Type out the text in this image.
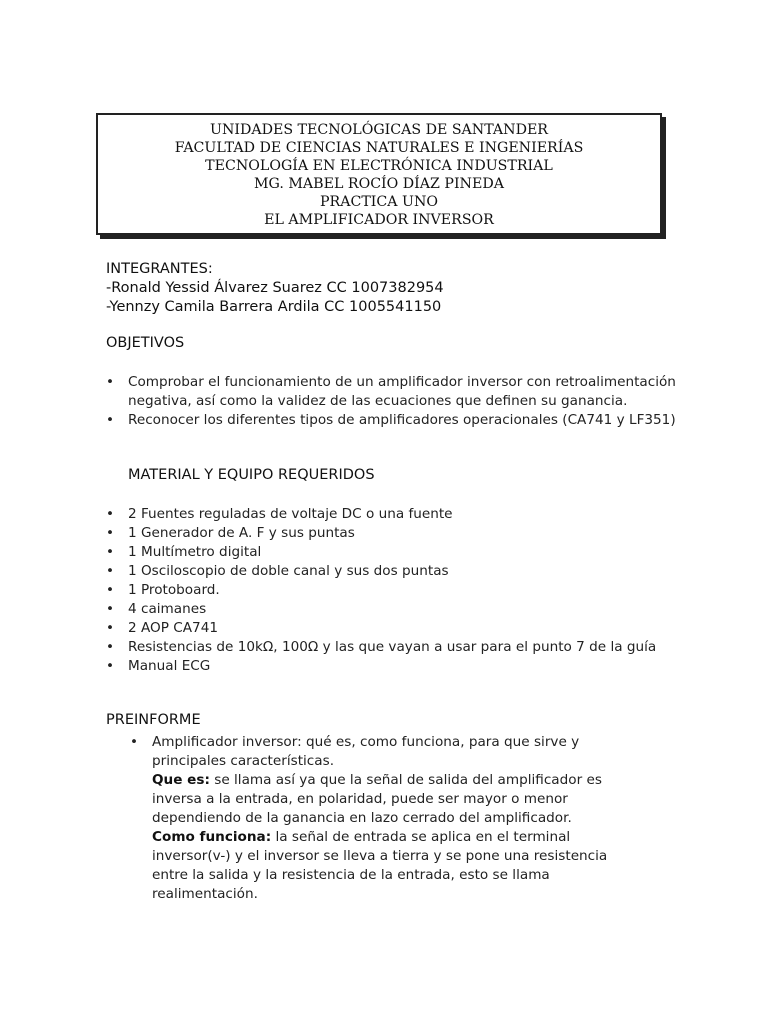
UNIDADES TECNOLÓGICAS DE SANTANDER
FACULTAD DE CIENCIAS NATURALES E INGENIERÍAS
TECNOLOGÍA EN ELECTRÓNICA INDUSTRIAL
MG. MABEL ROCÍO DÍAZ PINEDA
PRACTICA UNO
EL AMPLIFICADOR INVERSOR
INTEGRANTES:
-Ronald Yessid Álvarez Suarez CC 1007382954
-Yennzy Camila Barrera Ardila CC 1005541150
OBJETIVOS
• Comprobar el funcionamiento de un amplificador inversor con retroalimentación negativa, así como la validez de las ecuaciones que definen su ganancia.
• Reconocer los diferentes tipos de amplificadores operacionales (CA741 y LF351)
MATERIAL Y EQUIPO REQUERIDOS
• 2 Fuentes reguladas de voltaje DC o una fuente
• 1 Generador de A. F y sus puntas
• 1 Multímetro digital
• 1 Osciloscopio de doble canal y sus dos puntas
• 1 Protoboard.
• 4 caimanes
• 2 AOP CA741
• Resistencias de 10kΩ, 100Ω y las que vayan a usar para el punto 7 de la guía
• Manual ECG
PREINFORME
• Amplificador inversor: qué es, como funciona, para que sirve y principales características.
Que es: se llama así ya que la señal de salida del amplificador es inversa a la entrada, en polaridad, puede ser mayor o menor dependiendo de la ganancia en lazo cerrado del amplificador.
Como funciona: la señal de entrada se aplica en el terminal inversor(v-) y el inversor se lleva a tierra y se pone una resistencia entre la salida y la resistencia de la entrada, esto se llama realimentación.
